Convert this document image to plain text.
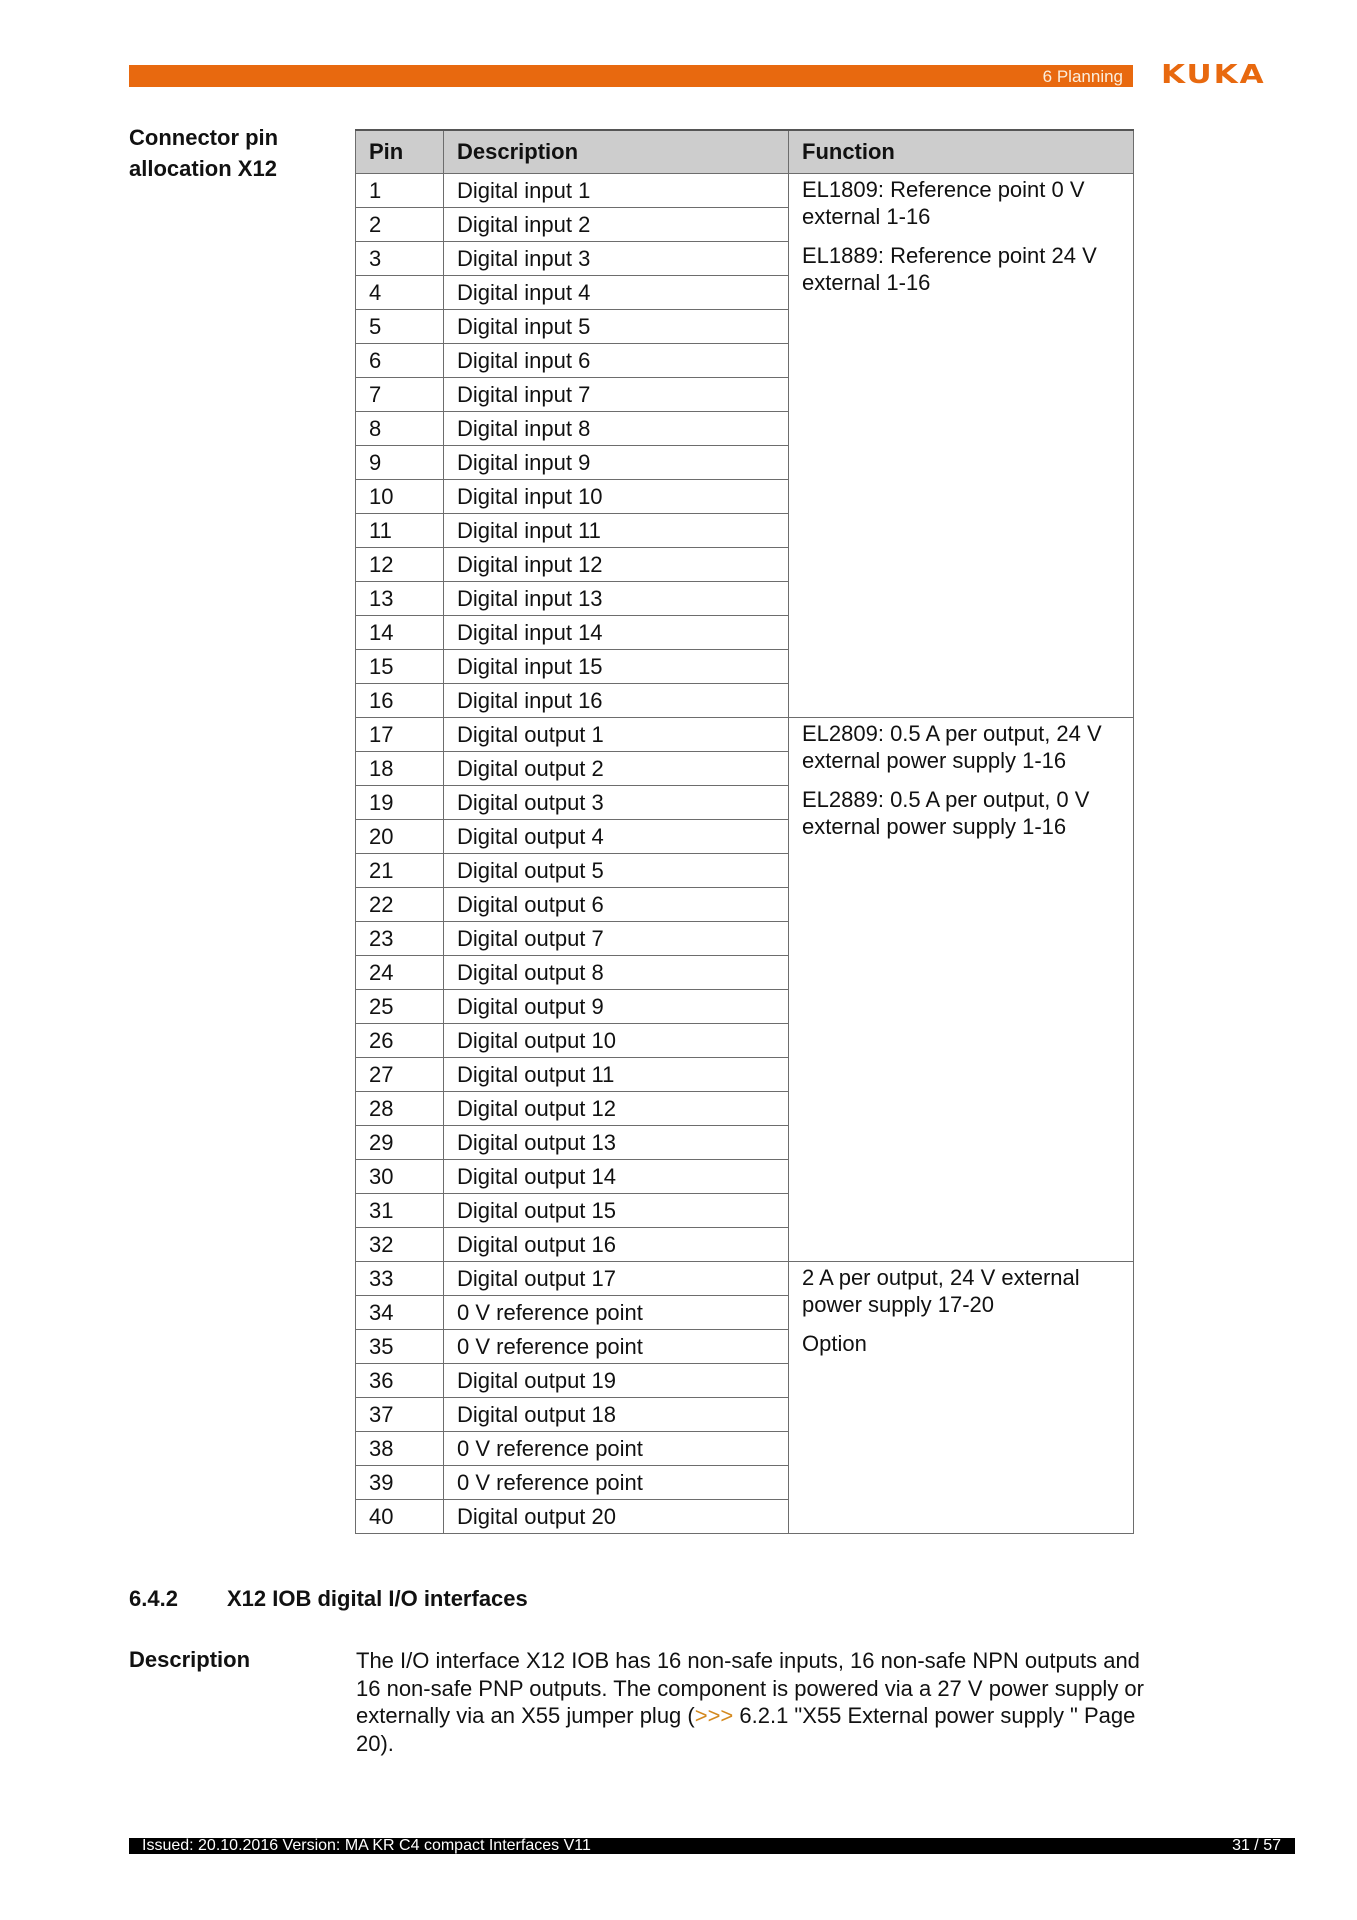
6 Planning KUKA
Connector pin
allocation X12
Pin	Description	Function
1	Digital input 1	EL1809: Reference point 0 V external 1-16
EL1889: Reference point 24 V external 1-16

2	Digital input 2	
3	Digital input 3	
4	Digital input 4	
5	Digital input 5	
6	Digital input 6	
7	Digital input 7	
8	Digital input 8	
9	Digital input 9	
10	Digital input 10	
11	Digital input 11	
12	Digital input 12	
13	Digital input 13	
14	Digital input 14	
15	Digital input 15	
16	Digital input 16	
17	Digital output 1	EL2809: 0.5 A per output, 24 V external power supply 1-16
EL2889: 0.5 A per output, 0 V external power supply 1-16

18	Digital output 2	
19	Digital output 3	
20	Digital output 4	
21	Digital output 5	
22	Digital output 6	
23	Digital output 7	
24	Digital output 8	
25	Digital output 9	
26	Digital output 10	
27	Digital output 11	
28	Digital output 12	
29	Digital output 13	
30	Digital output 14	
31	Digital output 15	
32	Digital output 16	
33	Digital output 17	2 A per output, 24 V external power supply 17-20
Option

34	0 V reference point	
35	0 V reference point	
36	Digital output 19	
37	Digital output 18	
38	0 V reference point	
39	0 V reference point	
40	Digital output 20	
6.4.2 X12 IOB digital I/O interfaces
Description	The I/O interface X12 IOB has 16 non-safe inputs, 16 non-safe NPN outputs and 16 non-safe PNP outputs. The component is powered via a 27 V power supply or externally via an X55 jumper plug (>>> 6.2.1 "X55 External power supply " Page 20).
Issued: 20.10.2016 Version: MA KR C4 compact Interfaces V11	31 / 57
